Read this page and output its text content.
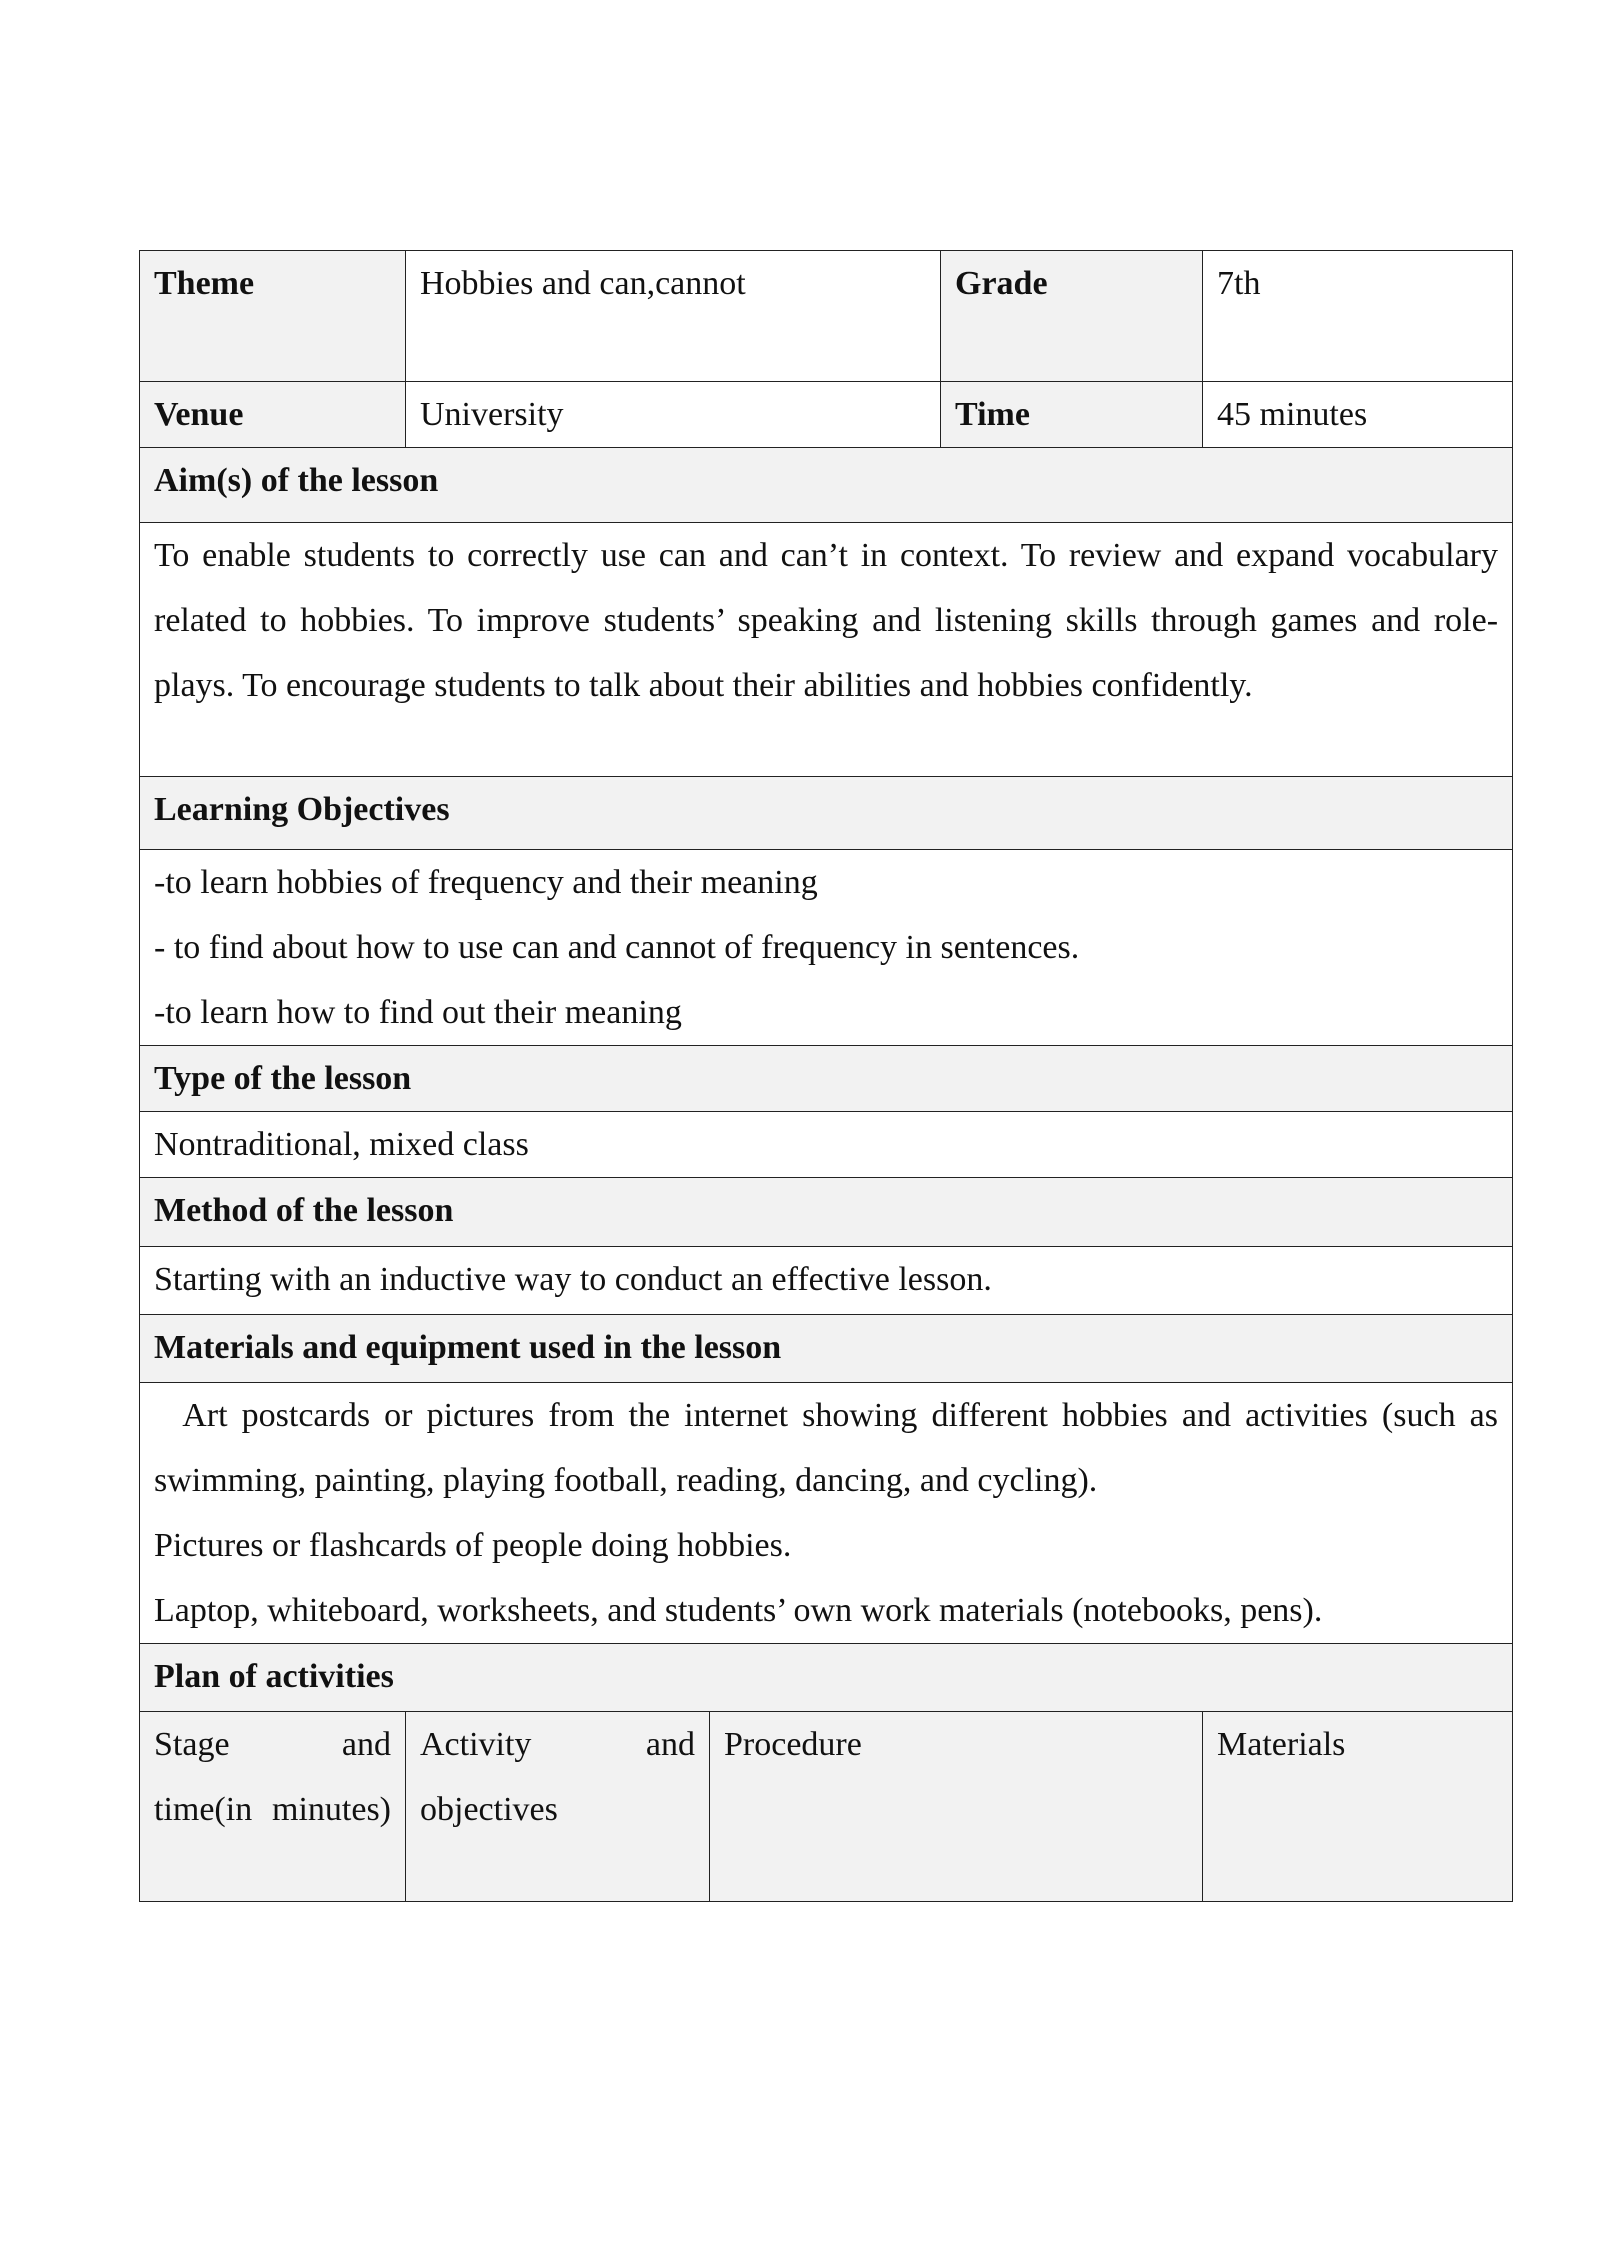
Theme	Hobbies and can,cannot		Grade	7th
Venue	University		Time	45 minutes
Aim(s) of the lesson				
To enable students to correctly use can and can’t in context. To review and expand vocabulary related to hobbies. To improve students’ speaking and listening skills through games and role-plays. To encourage students to talk about their abilities and hobbies confidently.				
Learning Objectives				

-to learn hobbies of frequency and their meaning
- to find about how to use can and cannot of frequency in sentences.
-to learn how to find out their meaning				

Type of the lesson				
Nontraditional, mixed class				
Method of the lesson				
Starting with an inductive way to conduct an effective lesson.				
Materials and equipment used in the lesson				

Art postcards or pictures from the internet showing different hobbies and activities (such as swimming, painting, playing football, reading, dancing, and cycling).
Pictures or flashcards of people doing hobbies.
Laptop, whiteboard, worksheets, and students’ own work materials (notebooks, pens).				

Plan of activities				
Stage and time(in minutes)	Activity and objectives	Procedure		Materials
